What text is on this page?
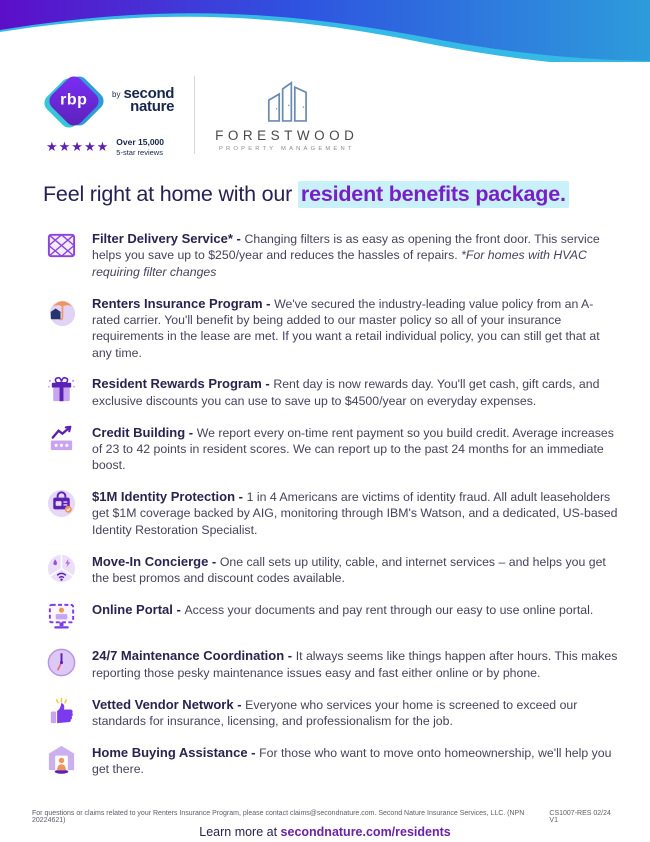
rbp	by second
nature
★★★★★ Over 15,000
5-star reviews
FORESTWOOD
PROPERTY MANAGEMENT
Feel right at home with our resident benefits package.

Filter Delivery Service* - Changing filters is as easy as opening the front door. This service helps you save up to $250/year and reduces the hassles of repairs. *For homes with HVAC requiring filter changes

Renters Insurance Program - We've secured the industry-leading value policy from an A-rated carrier. You'll benefit by being added to our master policy so all of your insurance requirements in the lease are met. If you want a retail individual policy, you can still get that at any time.

Resident Rewards Program - Rent day is now rewards day. You'll get cash, gift cards, and exclusive discounts you can use to save up to $4500/year on everyday expenses.

Credit Building - We report every on-time rent payment so you build credit. Average increases of 23 to 42 points in resident scores. We can report up to the past 24 months for an immediate boost.

$1M Identity Protection - 1 in 4 Americans are victims of identity fraud. All adult leaseholders get $1M coverage backed by AIG, monitoring through IBM's Watson, and a dedicated, US-based Identity Restoration Specialist.

Move-In Concierge - One call sets up utility, cable, and internet services – and helps you get the best promos and discount codes available.

Online Portal - Access your documents and pay rent through our easy to use online portal.

24/7 Maintenance Coordination - It always seems like things happen after hours. This makes reporting those pesky maintenance issues easy and fast either online or by phone.

Vetted Vendor Network - Everyone who services your home is screened to exceed our standards for insurance, licensing, and professionalism for the job.

Home Buying Assistance - For those who want to move onto homeownership, we'll help you get there.

Learn more at secondnature.com/residents
For questions or claims related to your Renters Insurance Program, please contact claims@secondnature.com. Second Nature Insurance Services, LLC. (NPN 20224621)
CS1007-RES 02/24 V1
